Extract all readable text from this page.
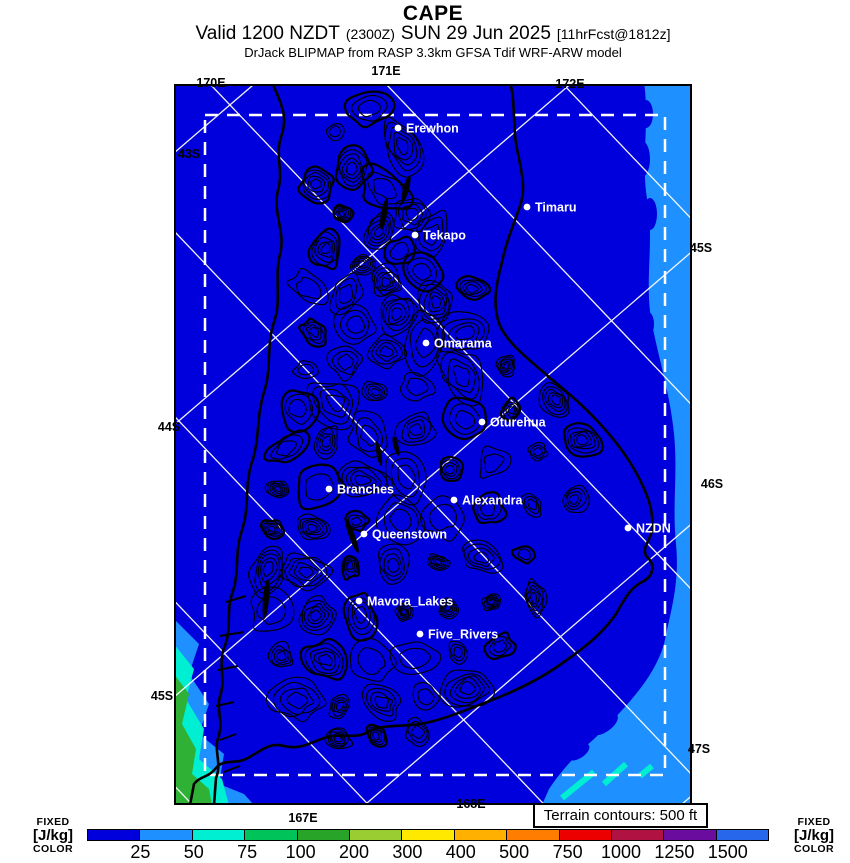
CAPE
Valid 1200 NZDT (2300Z) SUN 29 Jun 2025 [11hrFcst@1812z]
DrJack BLIPMAP from RASP 3.3km GFSA Tdif WRF-ARW model
Erewhon
Timaru
Tekapo
Omarama
Oturehua
Branches
Alexandra
Queenstown	NZDN
Mavora_Lakes
Five_Rivers
Terrain contours: 500 ft
FIXED
[J/kg]
COLOR
FIXED
[J/kg]
COLOR
171E
170E	172E
43S
44S
45S
45S
46S
47S
167E
168E
25 50 75 100 200 300 400 500 750 1000 1250 1500
